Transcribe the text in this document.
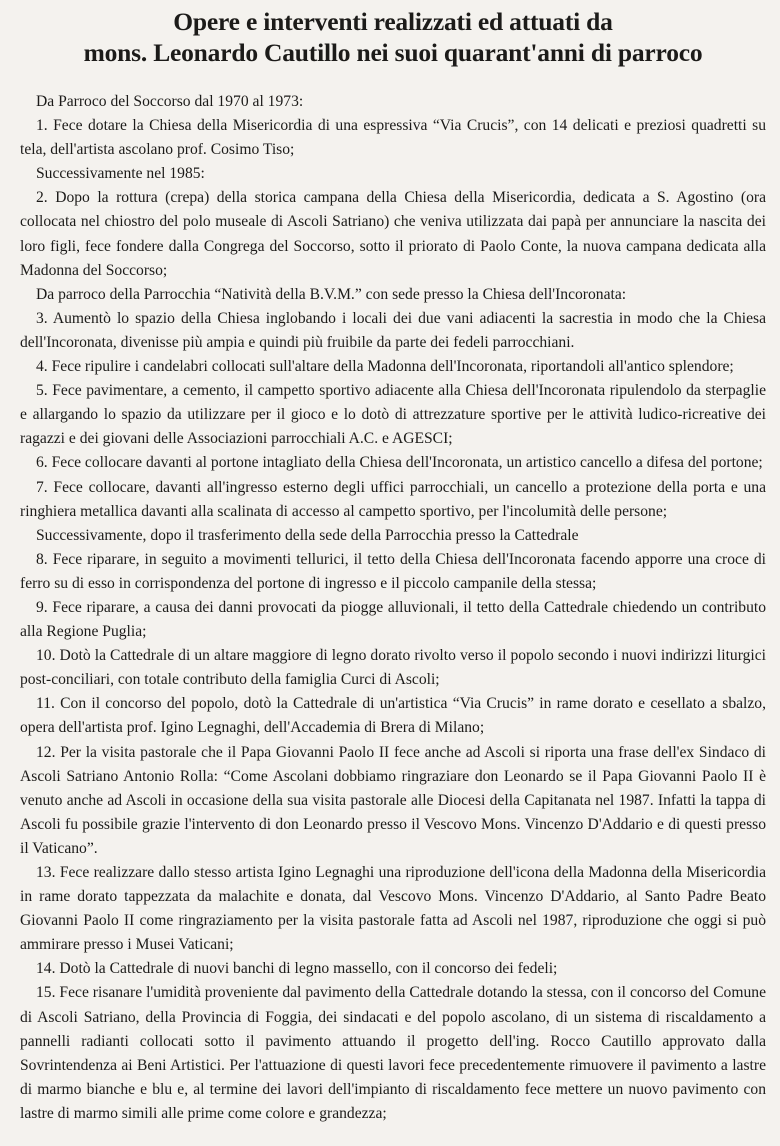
Opere e interventi realizzati ed attuati da
mons. Leonardo Cautillo nei suoi quarant'anni di parroco

Da Parroco del Soccorso dal 1970 al 1973:

1. Fece dotare la Chiesa della Misericordia di una espressiva “Via Crucis”, con 14 delicati e preziosi quadretti su tela, dell'artista ascolano prof. Cosimo Tiso;

Successivamente nel 1985:

2. Dopo la rottura (crepa) della storica campana della Chiesa della Misericordia, dedicata a S. Agostino (ora collocata nel chiostro del polo museale di Ascoli Satriano) che veniva utilizzata dai papà per annunciare la nascita dei loro figli, fece fondere dalla Congrega del Soccorso, sotto il priorato di Paolo Conte, la nuova campana dedicata alla Madonna del Soccorso;

Da parroco della Parrocchia “Natività della B.V.M.” con sede presso la Chiesa dell'Incoronata:

3. Aumentò lo spazio della Chiesa inglobando i locali dei due vani adiacenti la sacrestia in modo che la Chiesa dell'Incoronata, divenisse più ampia e quindi più fruibile da parte dei fedeli parrocchiani.

4. Fece ripulire i candelabri collocati sull'altare della Madonna dell'Incoronata, riportandoli all'antico splendore;

5. Fece pavimentare, a cemento, il campetto sportivo adiacente alla Chiesa dell'Incoronata ripulendolo da sterpaglie e allargando lo spazio da utilizzare per il gioco e lo dotò di attrezzature sportive per le attività ludico-ricreative dei ragazzi e dei giovani delle Associazioni parrocchiali A.C. e AGESCI;

6. Fece collocare davanti al portone intagliato della Chiesa dell'Incoronata, un artistico cancello a difesa del portone;

7. Fece collocare, davanti all'ingresso esterno degli uffici parrocchiali, un cancello a protezione della porta e una ringhiera metallica davanti alla scalinata di accesso al campetto sportivo, per l'incolumità delle persone;

Successivamente, dopo il trasferimento della sede della Parrocchia presso la Cattedrale

8. Fece riparare, in seguito a movimenti tellurici, il tetto della Chiesa dell'Incoronata facendo apporre una croce di ferro su di esso in corrispondenza del portone di ingresso e il piccolo campanile della stessa;

9. Fece riparare, a causa dei danni provocati da piogge alluvionali, il tetto della Cattedrale chiedendo un contributo alla Regione Puglia;

10. Dotò la Cattedrale di un altare maggiore di legno dorato rivolto verso il popolo secondo i nuovi indirizzi liturgici post-conciliari, con totale contributo della famiglia Curci di Ascoli;

11. Con il concorso del popolo, dotò la Cattedrale di un'artistica “Via Crucis” in rame dorato e cesellato a sbalzo, opera dell'artista prof. Igino Legnaghi, dell'Accademia di Brera di Milano;

12. Per la visita pastorale che il Papa Giovanni Paolo II fece anche ad Ascoli si riporta una frase dell'ex Sindaco di Ascoli Satriano Antonio Rolla: “Come Ascolani dobbiamo ringraziare don Leonardo se il Papa Giovanni Paolo II è venuto anche ad Ascoli in occasione della sua visita pastorale alle Diocesi della Capitanata nel 1987. Infatti la tappa di Ascoli fu possibile grazie l'intervento di don Leonardo presso il Vescovo Mons. Vincenzo D'Addario e di questi presso il Vaticano”.

13. Fece realizzare dallo stesso artista Igino Legnaghi una riproduzione dell'icona della Madonna della Misericordia in rame dorato tappezzata da malachite e donata, dal Vescovo Mons. Vincenzo D'Addario, al Santo Padre Beato Giovanni Paolo II come ringraziamento per la visita pastorale fatta ad Ascoli nel 1987, riproduzione che oggi si può ammirare presso i Musei Vaticani;

14. Dotò la Cattedrale di nuovi banchi di legno massello, con il concorso dei fedeli;

15. Fece risanare l'umidità proveniente dal pavimento della Cattedrale dotando la stessa, con il concorso del Comune di Ascoli Satriano, della Provincia di Foggia, dei sindacati e del popolo ascolano, di un sistema di riscaldamento a pannelli radianti collocati sotto il pavimento attuando il progetto dell'ing. Rocco Cautillo approvato dalla Sovrintendenza ai Beni Artistici. Per l'attuazione di questi lavori fece precedentemente rimuovere il pavimento a lastre di marmo bianche e blu e, al termine dei lavori dell'impianto di riscaldamento fece mettere un nuovo pavimento con lastre di marmo simili alle prime come colore e grandezza;
